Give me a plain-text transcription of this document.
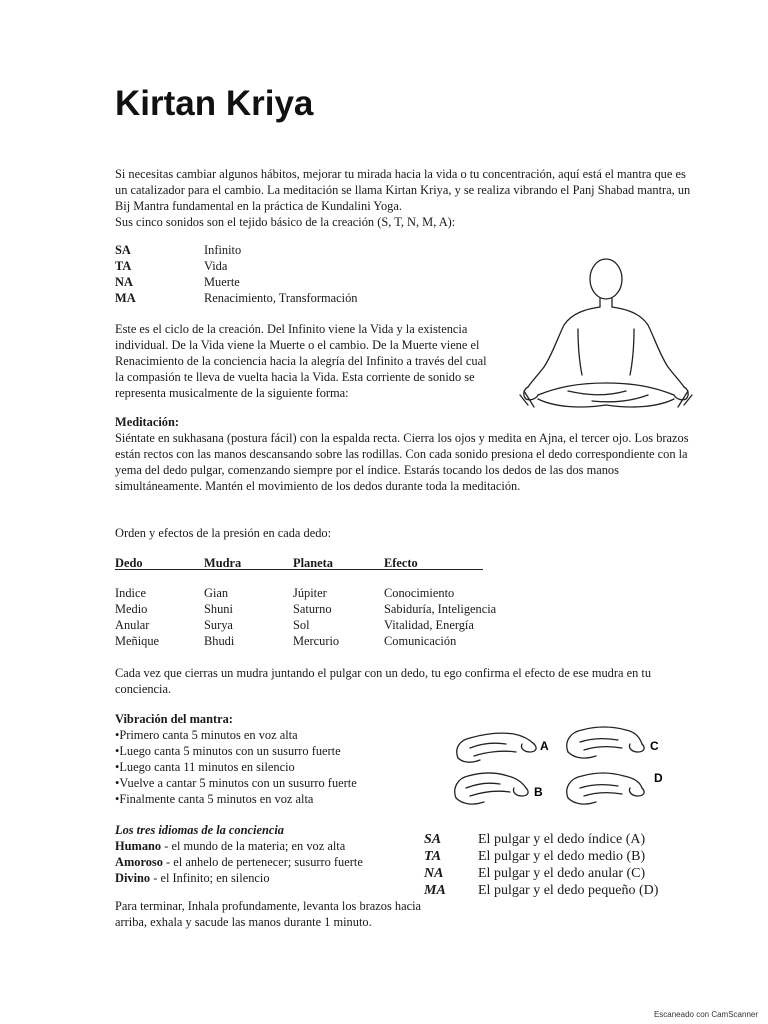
Kirtan Kriya

Si necesitas cambiar algunos hábitos, mejorar tu mirada hacia la vida o tu concentración, aquí está el mantra que es un catalizador para el cambio. La meditación se llama Kirtan Kriya, y se realiza vibrando el Panj Shabad mantra, un Bij Mantra fundamental en la práctica de Kundalini Yoga.

Sus cinco sonidos son el tejido básico de la creación (S, T, N, M, A):

SA	Infinito
TA	Vida
NA	Muerte
MA	Renacimiento, Transformación

Este es el ciclo de la creación. Del Infinito viene la Vida y la existencia individual. De la Vida viene la Muerte o el cambio. De la Muerte viene el Renacimiento de la conciencia hacia la alegría del Infinito a través del cual la compasión te lleva de vuelta hacia la Vida. Esta corriente de sonido se representa musicalmente de la siguiente forma:

Meditación:
Siéntate en sukhasana (postura fácil) con la espalda recta. Cierra los ojos y medita en Ajna, el tercer ojo. Los brazos están rectos con las manos descansando sobre las rodillas. Con cada sonido presiona el dedo correspondiente con la yema del dedo pulgar, comenzando siempre por el índice. Estarás tocando los dedos de las dos manos simultáneamente. Mantén el movimiento de los dedos durante toda la meditación.
Orden y efectos de la presión en cada dedo:
Dedo	Mudra	Planeta	Efecto
Indice	Gian	Júpiter	Conocimiento
Medio	Shuni	Saturno	Sabiduría, Inteligencia
Anular	Surya	Sol	Vitalidad, Energía
Meñique	Bhudi	Mercurio	Comunicación
Cada vez que cierras un mudra juntando el pulgar con un dedo, tu ego confirma el efecto de ese mudra en tu conciencia.
Vibración del mantra:
• Primero canta 5 minutos en voz alta
• Luego canta 5 minutos con un susurro fuerte
• Luego canta 11 minutos en silencio
• Vuelve a cantar 5 minutos con un susurro fuerte
• Finalmente canta 5 minutos en voz alta
A
B
C
D
Los tres idiomas de la conciencia
Humano - el mundo de la materia; en voz alta
Amoroso - el anhelo de pertenecer; susurro fuerte
Divino - el Infinito; en silencio

Para terminar, Inhala profundamente, levanta los brazos hacia arriba, exhala y sacude las manos durante 1 minuto.

SA	El pulgar y el dedo índice (A)
TA	El pulgar y el dedo medio (B)
NA El pulgar y el dedo anular (C)
MA El pulgar y el dedo pequeño (D)
Escaneado con CamScanner
